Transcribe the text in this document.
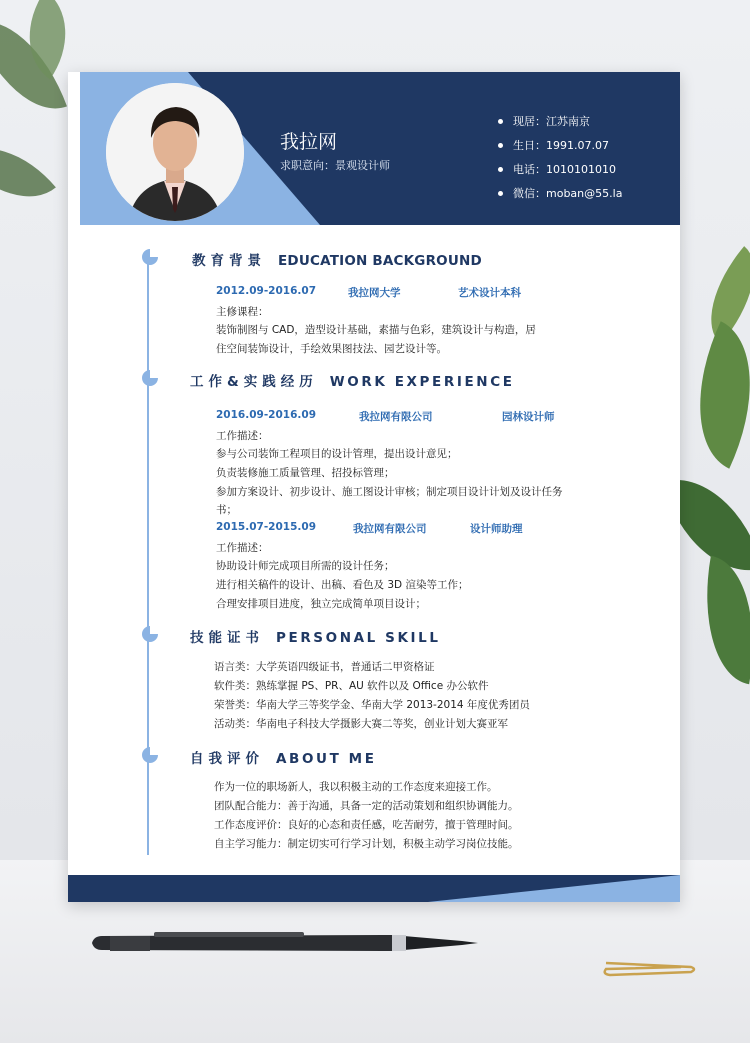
我拉网
求职意向：景观设计师
现居：江苏南京
生日：1991.07.07
电话：1010101010
微信：moban@55.la
教育背景 EDUCATION BACKGROUND
2012.09-2016.07	我拉网大学	艺术设计本科
主修课程：
装饰制图与 CAD，造型设计基础，素描与色彩，建筑设计与构造，居
住空间装饰设计，手绘效果图技法、园艺设计等。
工作&实践经历 WORK EXPERIENCE
2016.09-2016.09	我拉网有限公司	园林设计师
工作描述：
参与公司装饰工程项目的设计管理，提出设计意见；
负责装修施工质量管理、招投标管理；
参加方案设计、初步设计、施工图设计审核；制定项目设计计划及设计任务
书；
2015.07-2015.09	我拉网有限公司	设计师助理
工作描述：
协助设计师完成项目所需的设计任务；
进行相关稿件的设计、出稿、看色及 3D 渲染等工作；
合理安排项目进度，独立完成简单项目设计；
技能证书 PERSONAL SKILL
语言类：大学英语四级证书，普通话二甲资格证
软件类：熟练掌握 PS、PR、AU 软件以及 Office 办公软件
荣誉类：华南大学三等奖学金、华南大学 2013-2014 年度优秀团员
活动类：华南电子科技大学摄影大赛二等奖，创业计划大赛亚军
自我评价 ABOUT ME
作为一位的职场新人，我以积极主动的工作态度来迎接工作。
团队配合能力：善于沟通，具备一定的活动策划和组织协调能力。
工作态度评价：良好的心态和责任感，吃苦耐劳，擅于管理时间。
自主学习能力：制定切实可行学习计划，积极主动学习岗位技能。
